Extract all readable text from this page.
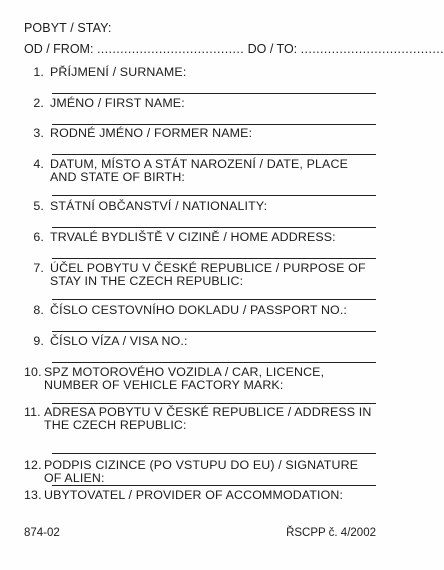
POBYT / STAY:
OD / FROM: ...................................... DO / TO: .....................................
1. PŘÍJMENÍ / SURNAME:
2. JMÉNO / FIRST NAME:
3. RODNÉ JMÉNO / FORMER NAME:
4. DATUM, MÍSTO A STÁT NAROZENÍ / DATE, PLACE AND STATE OF BIRTH:
5. STÁTNÍ OBČANSTVÍ / NATIONALITY:
6. TRVALÉ BYDLIŠTĚ V CIZINĚ / HOME ADDRESS:
7. ÚČEL POBYTU V ČESKÉ REPUBLICE / PURPOSE OF STAY IN THE CZECH REPUBLIC:
8. ČÍSLO CESTOVNÍHO DOKLADU / PASSPORT NO.:
9. ČÍSLO VÍZA / VISA NO.:
10. SPZ MOTOROVÉHO VOZIDLA / CAR, LICENCE, NUMBER OF VEHICLE FACTORY MARK:
11. ADRESA POBYTU V ČESKÉ REPUBLICE / ADDRESS IN THE CZECH REPUBLIC:
12. PODPIS CIZINCE (PO VSTUPU DO EU) / SIGNATURE OF ALIEN:
13. UBYTOVATEL / PROVIDER OF ACCOMMODATION:
874-02	ŘSCPP č. 4/2002
